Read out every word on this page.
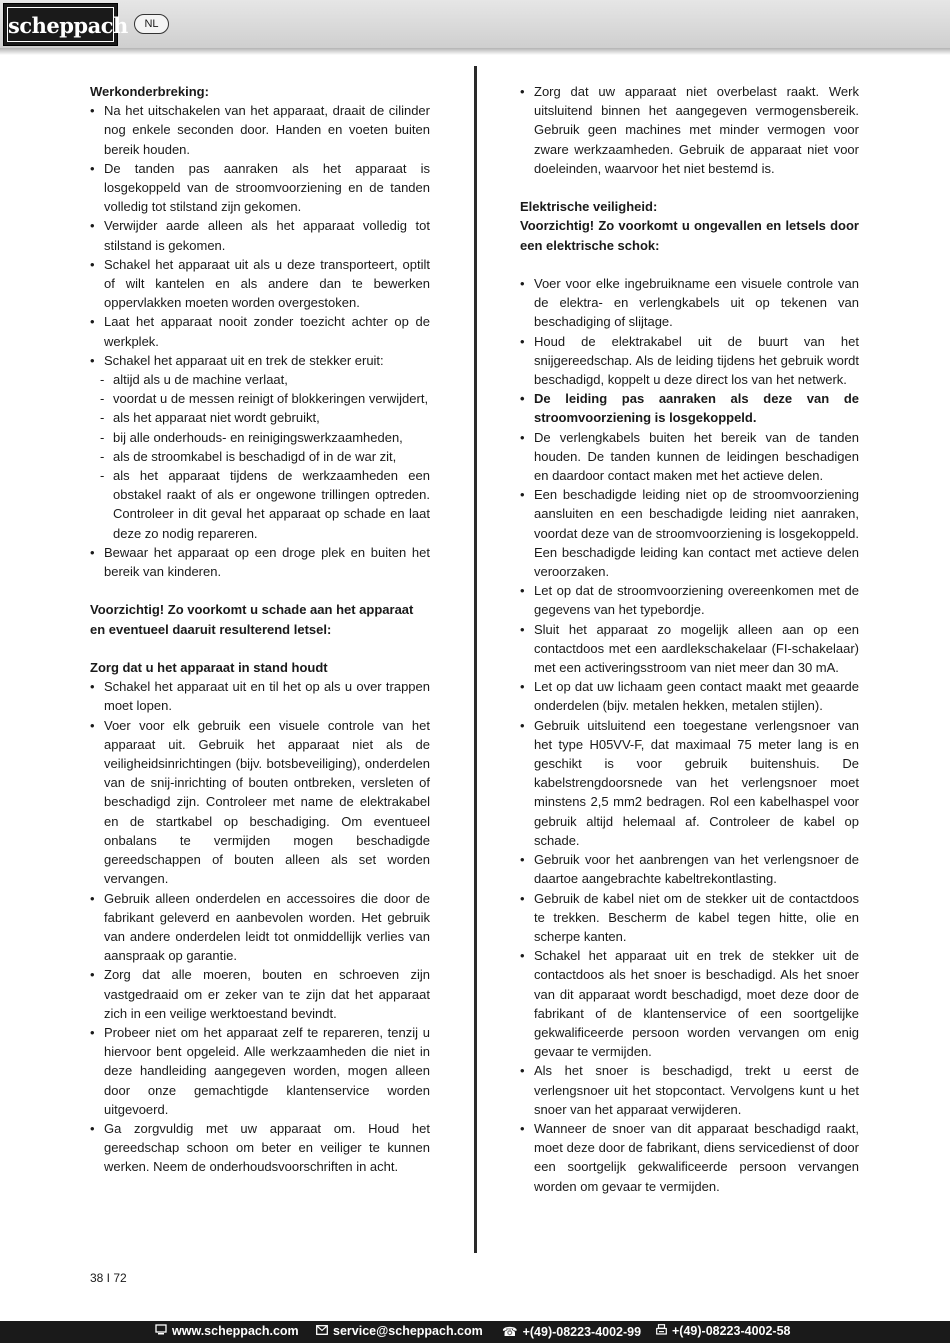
scheppach	NL

Werkonderbreking:

• Na het uitschakelen van het apparaat, draait de cilinder nog enkele seconden door. Handen en voeten buiten bereik houden.
• De tanden pas aanraken als het apparaat is losgekoppeld van de stroomvoorziening en de tanden volledig tot stilstand zijn gekomen.
• Verwijder aarde alleen als het apparaat volledig tot stilstand is gekomen.
• Schakel het apparaat uit als u deze transporteert, optilt of wilt kantelen en als andere dan te bewerken oppervlakken moeten worden overgestoken.
• Laat het apparaat nooit zonder toezicht achter op de werkplek.
• Schakel het apparaat uit en trek de stekker eruit:
- altijd als u de machine verlaat,
- voordat u de messen reinigt of blokkeringen verwijdert,
- als het apparaat niet wordt gebruikt,
- bij alle onderhouds- en reinigingswerkzaamheden,
- als de stroomkabel is beschadigd of in de war zit,
- als het apparaat tijdens de werkzaamheden een obstakel raakt of als er ongewone trillingen optreden. Controleer in dit geval het apparaat op schade en laat deze zo nodig repareren.
• Bewaar het apparaat op een droge plek en buiten het bereik van kinderen.

Voorzichtig! Zo voorkomt u schade aan het apparaat en eventueel daaruit resulterend letsel:

Zorg dat u het apparaat in stand houdt

• Schakel het apparaat uit en til het op als u over trappen moet lopen.
• Voer voor elk gebruik een visuele controle van het apparaat uit. Gebruik het apparaat niet als de veiligheidsinrichtingen (bijv. botsbeveiliging), onderdelen van de snij-inrichting of bouten ontbreken, versleten of beschadigd zijn. Controleer met name de elektrakabel en de startkabel op beschadiging. Om eventueel onbalans te vermijden mogen beschadigde gereedschappen of bouten alleen als set worden vervangen.
• Gebruik alleen onderdelen en accessoires die door de fabrikant geleverd en aanbevolen worden. Het gebruik van andere onderdelen leidt tot onmiddellijk verlies van aanspraak op garantie.
• Zorg dat alle moeren, bouten en schroeven zijn vastgedraaid om er zeker van te zijn dat het apparaat zich in een veilige werktoestand bevindt.
• Probeer niet om het apparaat zelf te repareren, tenzij u hiervoor bent opgeleid. Alle werkzaamheden die niet in deze handleiding aangegeven worden, mogen alleen door onze gemachtigde klantenservice worden uitgevoerd.
• Ga zorgvuldig met uw apparaat om. Houd het gereedschap schoon om beter en veiliger te kunnen werken. Neem de onderhoudsvoorschriften in acht.
• Zorg dat uw apparaat niet overbelast raakt. Werk uitsluitend binnen het aangegeven vermogensbereik. Gebruik geen machines met minder vermogen voor zware werkzaamheden. Gebruik de apparaat niet voor doeleinden, waarvoor het niet bestemd is.

Elektrische veiligheid:

Voorzichtig! Zo voorkomt u ongevallen en letsels door een elektrische schok:

• Voer voor elke ingebruikname een visuele controle van de elektra- en verlengkabels uit op tekenen van beschadiging of slijtage.
• Houd de elektrakabel uit de buurt van het snijgereedschap. Als de leiding tijdens het gebruik wordt beschadigd, koppelt u deze direct los van het netwerk.
• De leiding pas aanraken als deze van de stroomvoorziening is losgekoppeld.
• De verlengkabels buiten het bereik van de tanden houden. De tanden kunnen de leidingen beschadigen en daardoor contact maken met het actieve delen.
• Een beschadigde leiding niet op de stroomvoorziening aansluiten en een beschadigde leiding niet aanraken, voordat deze van de stroomvoorziening is losgekoppeld. Een beschadigde leiding kan contact met actieve delen veroorzaken.
• Let op dat de stroomvoorziening overeenkomen met de gegevens van het typebordje.
• Sluit het apparaat zo mogelijk alleen aan op een contactdoos met een aardlekschakelaar (FI-schakelaar) met een activeringsstroom van niet meer dan 30 mA.
• Let op dat uw lichaam geen contact maakt met geaarde onderdelen (bijv. metalen hekken, metalen stijlen).
• Gebruik uitsluitend een toegestane verlengsnoer van het type H05VV-F, dat maximaal 75 meter lang is en geschikt is voor gebruik buitenshuis. De kabelstrengdoorsnede van het verlengsnoer moet minstens 2,5 mm2 bedragen. Rol een kabelhaspel voor gebruik altijd helemaal af. Controleer de kabel op schade.
• Gebruik voor het aanbrengen van het verlengsnoer de daartoe aangebrachte kabeltrekontlasting.
• Gebruik de kabel niet om de stekker uit de contactdoos te trekken. Bescherm de kabel tegen hitte, olie en scherpe kanten.
• Schakel het apparaat uit en trek de stekker uit de contactdoos als het snoer is beschadigd. Als het snoer van dit apparaat wordt beschadigd, moet deze door de fabrikant of de klantenservice of een soortgelijke gekwalificeerde persoon worden vervangen om enig gevaar te vermijden.
• Als het snoer is beschadigd, trekt u eerst de verlengsnoer uit het stopcontact. Vervolgens kunt u het snoer van het apparaat verwijderen.
• Wanneer de snoer van dit apparaat beschadigd raakt, moet deze door de fabrikant, diens servicedienst of door een soortgelijk gekwalificeerde persoon vervangen worden om gevaar te vermijden.
38 I 72
www.scheppach.com	service@scheppach.com ☎ +(49)-08223-4002-99	+(49)-08223-4002-58
